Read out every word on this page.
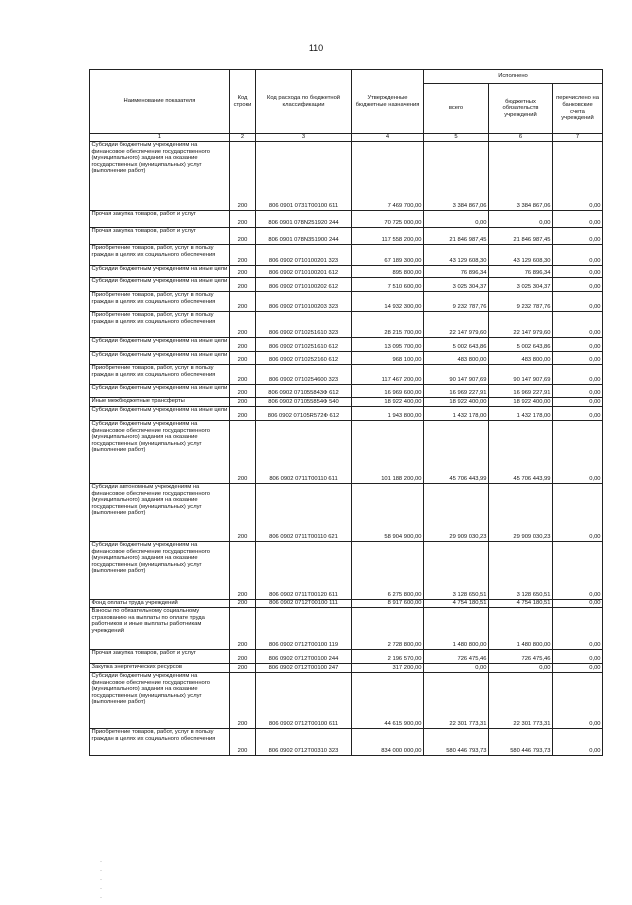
110
Наименование показателя	Код строки	Код расхода по бюджетной классификации	Утвержденные бюджетные назначения	Исполнено		
				всего	бюджетных обязательств учреждений	перечислено на банковские счета учреждений
1	2	3	4	5	6	7
Субсидии бюджетным учреждениям на финансовое обеспечение государственного (муниципального) задания на оказание государственных (муниципальных) услуг (выполнение работ)	200	806 0901 0731Т00100 611	7 469 700,00	3 384 867,06	3 384 867,06	0,00
Прочая закупка товаров, работ и услуг	200	806 0901 078N251920 244	70 725 000,00	0,00	0,00	0,00
Прочая закупка товаров, работ и услуг	200	806 0901 078N351900 244	117 558 200,00	21 846 987,45	21 846 987,45	0,00
Приобретение товаров, работ, услуг в пользу граждан в целях их социального обеспечения	200	806 0902 0710100201 323	67 189 300,00	43 129 608,30	43 129 608,30	0,00
Субсидии бюджетным учреждениям на иные цели	200	806 0902 0710100201 612	895 800,00	76 896,34	76 896,34	0,00
Субсидии бюджетным учреждениям на иные цели	200	806 0902 0710100202 612	7 510 600,00	3 025 304,37	3 025 304,37	0,00
Приобретение товаров, работ, услуг в пользу граждан в целях их социального обеспечения	200	806 0902 0710100203 323	14 932 300,00	9 232 787,76	9 232 787,76	0,00
Приобретение товаров, работ, услуг в пользу граждан в целях их социального обеспечения	200	806 0902 0710251610 323	28 215 700,00	22 147 979,60	22 147 979,60	0,00
Субсидии бюджетным учреждениям на иные цели	200	806 0902 0710251610 612	13 095 700,00	5 002 643,86	5 002 643,86	0,00
Субсидии бюджетным учреждениям на иные цели	200	806 0902 0710252160 612	968 100,00	483 800,00	483 800,00	0,00
Приобретение товаров, работ, услуг в пользу граждан в целях их социального обеспечения	200	806 0902 0710254600 323	117 467 200,00	90 147 907,69	90 147 907,69	0,00
Субсидии бюджетным учреждениям на иные цели	200	806 0902 071055843Ф 612	16 969 600,00	16 969 227,91	16 969 227,91	0,00
Иные межбюджетные трансферты	200	806 0902 071055854Ф 540	18 922 400,00	18 922 400,00	18 922 400,00	0,00
Субсидии бюджетным учреждениям на иные цели	200	806 0902 07105R572Ф 612	1 943 800,00	1 432 178,00	1 432 178,00	0,00
Субсидии бюджетным учреждениям на финансовое обеспечение государственного (муниципального) задания на оказание государственных (муниципальных) услуг (выполнение работ)	200	806 0902 0711Т00110 611	101 188 200,00	45 706 443,99	45 706 443,99	0,00
Субсидии автономным учреждениям на финансовое обеспечение государственного (муниципального) задания на оказание государственных (муниципальных) услуг (выполнение работ)	200	806 0902 0711Т00110 621	58 904 900,00	29 909 030,23	29 909 030,23	0,00
Субсидии бюджетным учреждениям на финансовое обеспечение государственного (муниципального) задания на оказание государственных (муниципальных) услуг (выполнение работ)	200	806 0902 0711Т00120 611	6 275 800,00	3 128 650,51	3 128 650,51	0,00
Фонд оплаты труда учреждений	200	806 0902 0712Т00100 111	8 917 600,00	4 754 180,51	4 754 180,51	0,00
Взносы по обязательному социальному страхованию на выплаты по оплате труда работников и иные выплаты работникам учреждений	200	806 0902 0712Т00100 119	2 728 800,00	1 480 800,00	1 480 800,00	0,00
Прочая закупка товаров, работ и услуг	200	806 0902 0712Т00100 244	2 196 570,00	726 475,46	726 475,46	0,00
Закупка энергетических ресурсов	200	806 0902 0712Т00100 247	317 200,00	0,00	0,00	0,00
Субсидии бюджетным учреждениям на финансовое обеспечение государственного (муниципального) задания на оказание государственных (муниципальных) услуг (выполнение работ)	200	806 0902 0712Т00100 611	44 615 900,00	22 301 773,31	22 301 773,31	0,00
Приобретение товаров, работ, услуг в пользу граждан в целях их социального обеспечения	200	806 0902 0712Т00310 323	834 000 000,00	580 446 793,73	580 446 793,73	0,00
·
·
·
·
·
